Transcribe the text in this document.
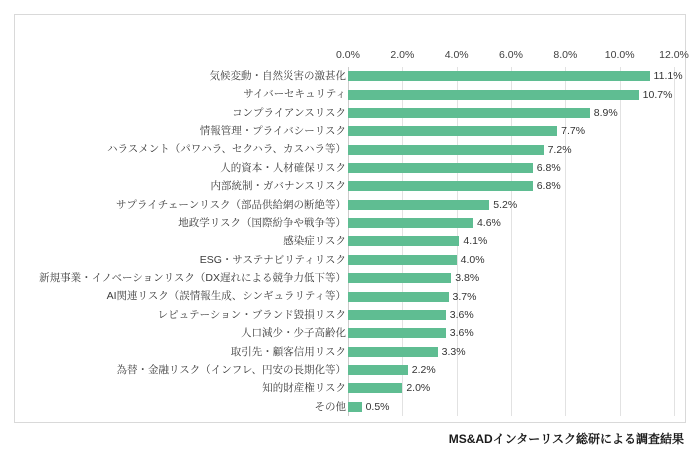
0.0%	2.0%	4.0%	6.0%	8.0%	10.0% 12.0%
気候変動・自然災害の激甚化	11.1%
サイバーセキュリティ	10.7%
コンプライアンスリスク	8.9%
情報管理・プライバシーリスク	7.7%
ハラスメント（パワハラ、セクハラ、カスハラ等）	7.2%
人的資本・人材確保リスク	6.8%
内部統制・ガバナンスリスク	6.8%
サプライチェーンリスク（部品供給網の断絶等）	5.2%
地政学リスク（国際紛争や戦争等）	4.6%
感染症リスク	4.1%
ESG・サステナビリティリスク	4.0%
新規事業・イノベーションリスク（DX遅れによる競争力低下等）	3.8%
AI関連リスク（誤情報生成、シンギュラリティ等）	3.7%
レピュテーション・ブランド毀損リスク	3.6%
人口減少・少子高齢化	3.6%
取引先・顧客信用リスク	3.3%
為替・金融リスク（インフレ、円安の長期化等）	2.2%
知的財産権リスク	2.0%
その他 0.5%
MS&ADインターリスク総研による調査結果
